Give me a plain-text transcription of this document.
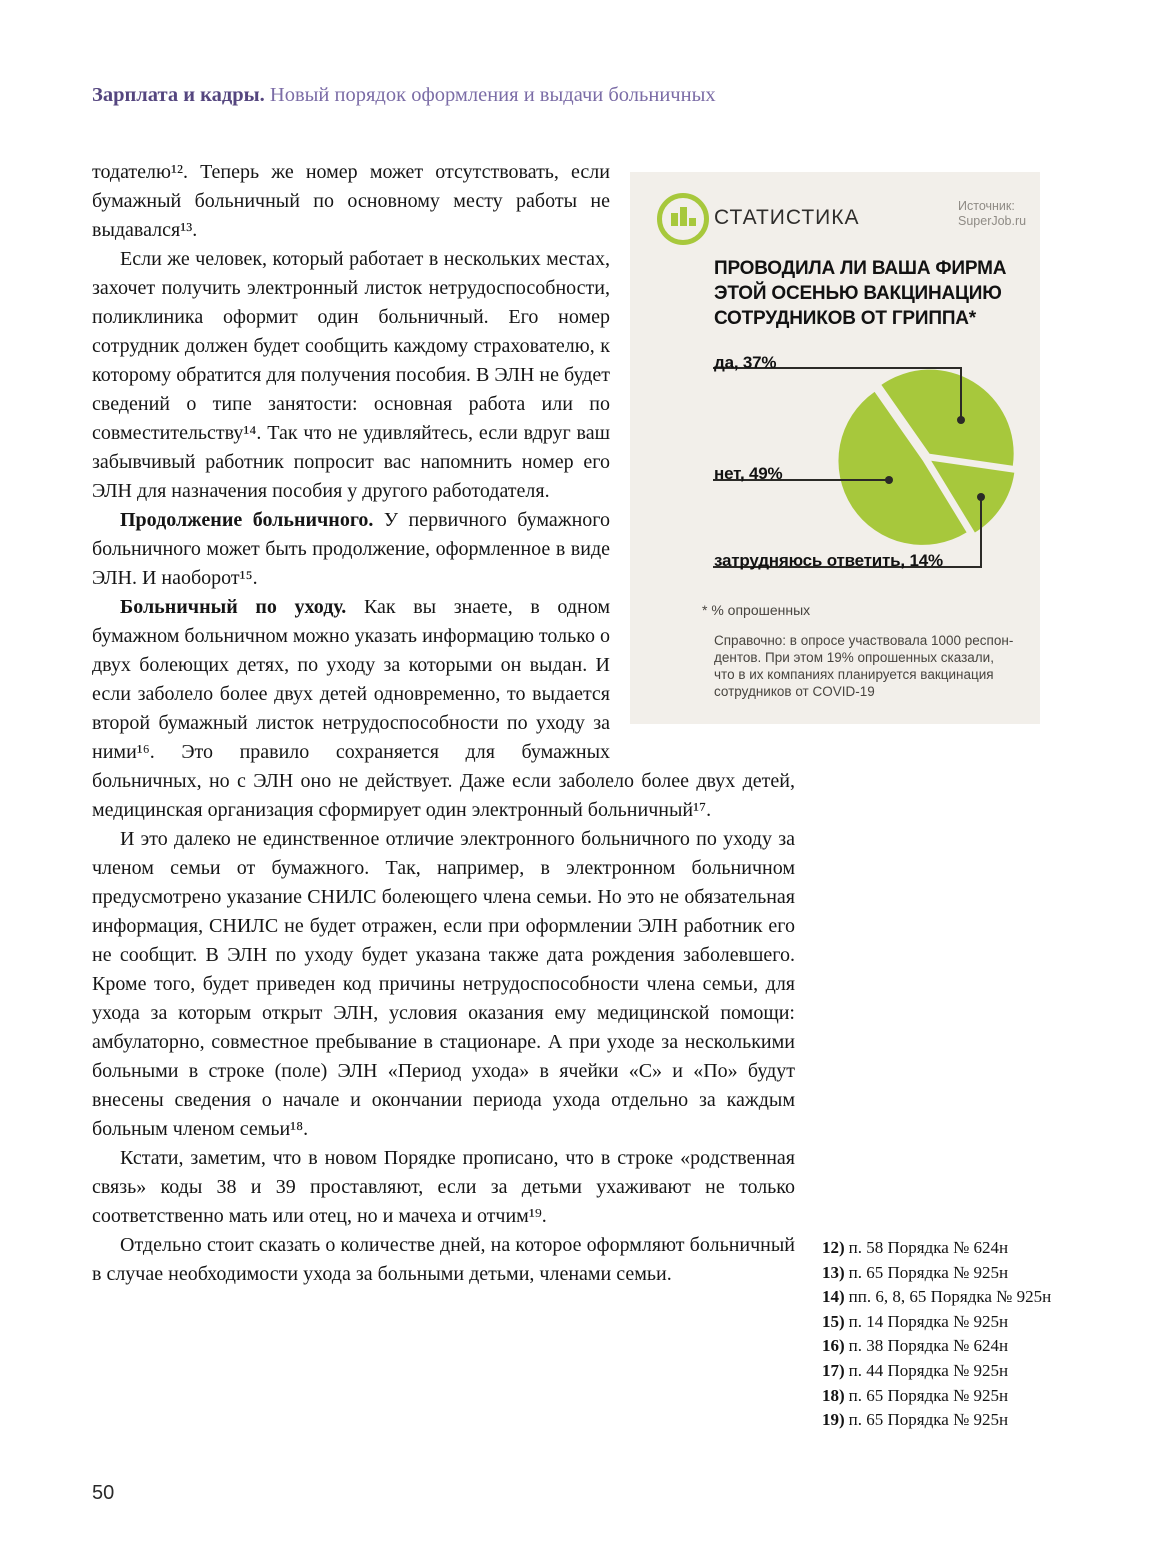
Зарплата и кадры. Новый порядок оформления и выдачи больничных
СТАТИСТИКА	Источник:
SuperJob.ru
ПРОВОДИЛА ЛИ ВАША ФИРМА
ЭТОЙ ОСЕНЬЮ ВАКЦИНАЦИЮ
СОТРУДНИКОВ ОТ ГРИППА*
да, 37%
нет, 49%
затрудняюсь ответить, 14%
* % опрошенных
Справочно: в опросе участвовала 1000 респондентов. При этом 19% опрошенных сказали, что в их компаниях планируется вакцинация сотрудников от COVID-19

тодателю¹². Теперь же номер может отсутствовать, если бумажный больничный по основному месту работы не выдавался¹³.

Если же человек, который работает в нескольких местах, захочет получить электронный листок нетрудоспособности, поликлиника оформит один больничный. Его номер сотрудник должен будет сообщить каждому страхователю, к которому обратится для получения пособия. В ЭЛН не будет сведений о типе занятости: основная работа или по совместительству¹⁴. Так что не удивляйтесь, если вдруг ваш забывчивый работник попросит вас напомнить номер его ЭЛН для назначения пособия у другого работодателя.

Продолжение больничного. У первичного бумажного больничного может быть продолжение, оформленное в виде ЭЛН. И наоборот¹⁵.

Больничный по уходу. Как вы знаете, в одном бумажном больничном можно указать информацию только о двух болеющих детях, по уходу за которыми он выдан. И если заболело более двух детей одновременно, то выдается второй бумажный листок нетрудоспособности по уходу за ними¹⁶. Это правило сохраняется для бумажных больничных, но с ЭЛН оно не действует. Даже если заболело более двух детей, медицинская организация сформирует один электронный больничный¹⁷.

И это далеко не единственное отличие электронного больничного по уходу за членом семьи от бумажного. Так, например, в электронном больничном предусмотрено указание СНИЛС болеющего члена семьи. Но это не обязательная информация, СНИЛС не будет отражен, если при оформлении ЭЛН работник его не сообщит. В ЭЛН по уходу будет указана также дата рождения заболевшего. Кроме того, будет приведен код причины нетрудоспособности члена семьи, для ухода за которым открыт ЭЛН, условия оказания ему медицинской помощи: амбулаторно, совместное пребывание в стационаре. А при уходе за несколькими больными в строке (поле) ЭЛН «Период ухода» в ячейки «С» и «По» будут внесены сведения о начале и окончании периода ухода отдельно за каждым больным членом семьи¹⁸.

Кстати, заметим, что в новом Порядке прописано, что в строке «родственная связь» коды 38 и 39 проставляют, если за детьми ухаживают не только соответственно мать или отец, но и мачеха и отчим¹⁹.

Отдельно стоит сказать о количестве дней, на которое оформляют больничный в случае необходимости ухода за больными детьми, членами семьи.

12) п. 58 Порядка № 624н
13) п. 65 Порядка № 925н
14) пп. 6, 8, 65 Порядка № 925н
15) п. 14 Порядка № 925н
16) п. 38 Порядка № 624н
17) п. 44 Порядка № 925н
18) п. 65 Порядка № 925н
19) п. 65 Порядка № 925н
50
